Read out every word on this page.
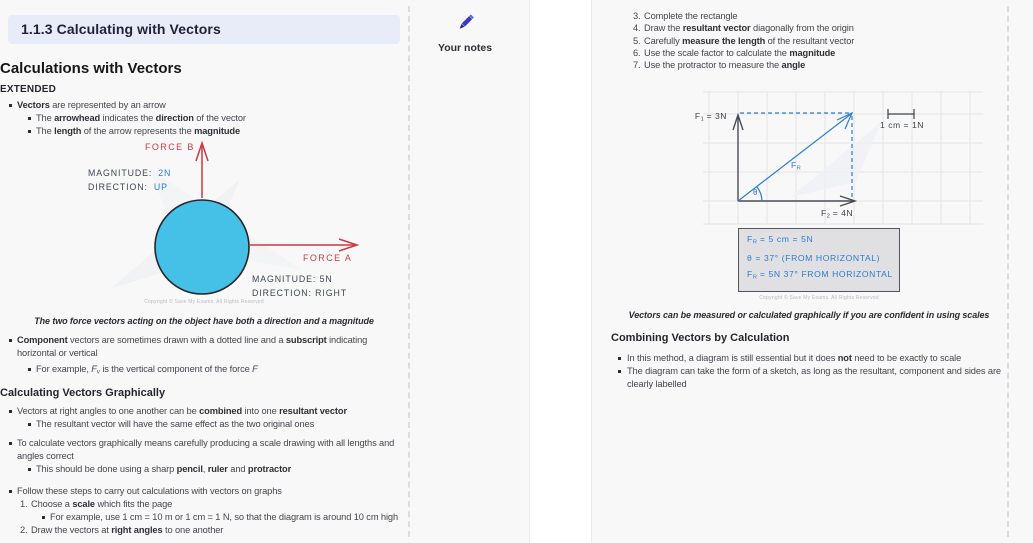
Your notes
1.1.3 Calculating with Vectors
Calculations with Vectors
EXTENDED
Vectors are represented by an arrow
The arrowhead indicates the direction of the vector
The length of the arrow represents the magnitude
FORCE B
MAGNITUDE: 2N
DIRECTION: UP
FORCE A
MAGNITUDE: 5N
DIRECTION: RIGHT
Copyright © Save My Exams. All Rights Reserved
The two force vectors acting on the object have both a direction and a magnitude
Component vectors are sometimes drawn with a dotted line and a subscript indicating horizontal or vertical
For example, $F_v$ is the vertical component of the force F
Calculating Vectors Graphically
Vectors at right angles to one another can be combined into one resultant vector
The resultant vector will have the same effect as the two original ones
To calculate vectors graphically means carefully producing a scale drawing with all lengths and angles correct
This should be done using a sharp pencil, ruler and protractor
Follow these steps to carry out calculations with vectors on graphs
1. Choose a scale which fits the page
For example, use 1 cm = 10 m or 1 cm = 1 N, so that the diagram is around 10 cm high
2. Draw the vectors at right angles to one another
3. Complete the rectangle
4. Draw the resultant vector diagonally from the origin
5. Carefully measure the length of the resultant vector
6. Use the scale factor to calculate the magnitude
7. Use the protractor to measure the angle
$F_1 = 3N$
$F_2 = 4N$
$F_R$
θ
1 cm = 1N
$F_R = 5$ cm = 5N
θ = 37° (FROM HORIZONTAL)
$F_R = 5N$ 37° FROM HORIZONTAL
Copyright © Save My Exams. All Rights Reserved
Vectors can be measured or calculated graphically if you are confident in using scales
Combining Vectors by Calculation
In this method, a diagram is still essential but it does not need to be exactly to scale
The diagram can take the form of a sketch, as long as the resultant, component and sides are clearly labelled
